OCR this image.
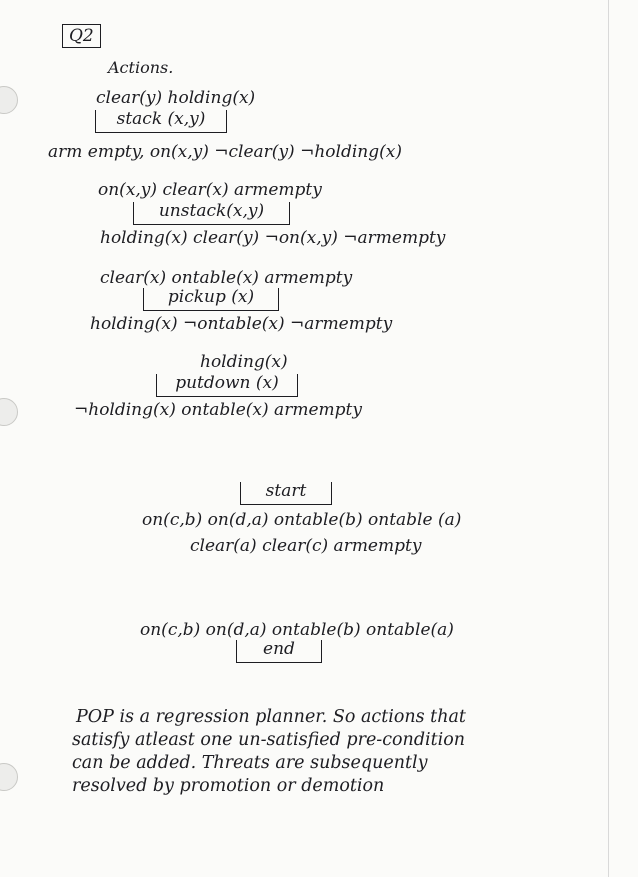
Q2
Actions.
clear(y) holding(x)
stack (x,y)
arm empty, on(x,y) ¬clear(y) ¬holding(x)
on(x,y) clear(x) armempty
unstack(x,y)
holding(x) clear(y) ¬on(x,y) ¬armempty
clear(x) ontable(x) armempty
pickup (x)
holding(x) ¬ontable(x) ¬armempty
holding(x)
putdown (x)
¬holding(x) ontable(x) armempty
start
on(c,b) on(d,a) ontable(b) ontable (a)
clear(a) clear(c) armempty
on(c,b) on(d,a) ontable(b) ontable(a)
end
POP is a regression planner. So actions that
satisfy atleast one un-satisfied pre-condition
can be added. Threats are subsequently
resolved by promotion or demotion
